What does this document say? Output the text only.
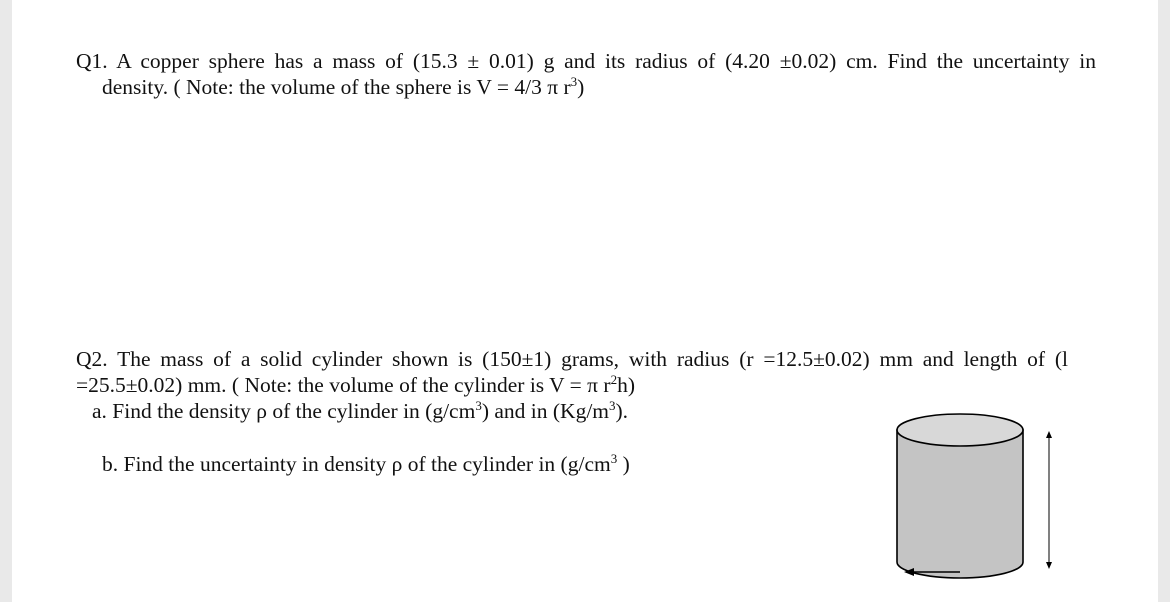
Q1. A copper sphere has a mass of (15.3 ± 0.01) g and its radius of (4.20 ±0.02) cm. Find the uncertainty in
density. ( Note: the volume of the sphere is V = 4/3 π $r^3$)
Q2. The mass of a solid cylinder shown is (150±1) grams, with radius (r =12.5±0.02) mm and length of (l
=25.5±0.02) mm. ( Note: the volume of the cylinder is V = π $r^2h$)
a. Find the density ρ of the cylinder in $(g/cm^3)$ and in $(Kg/m^3)$.
b. Find the uncertainty in density ρ of the cylinder in ($g/cm^3$ )
